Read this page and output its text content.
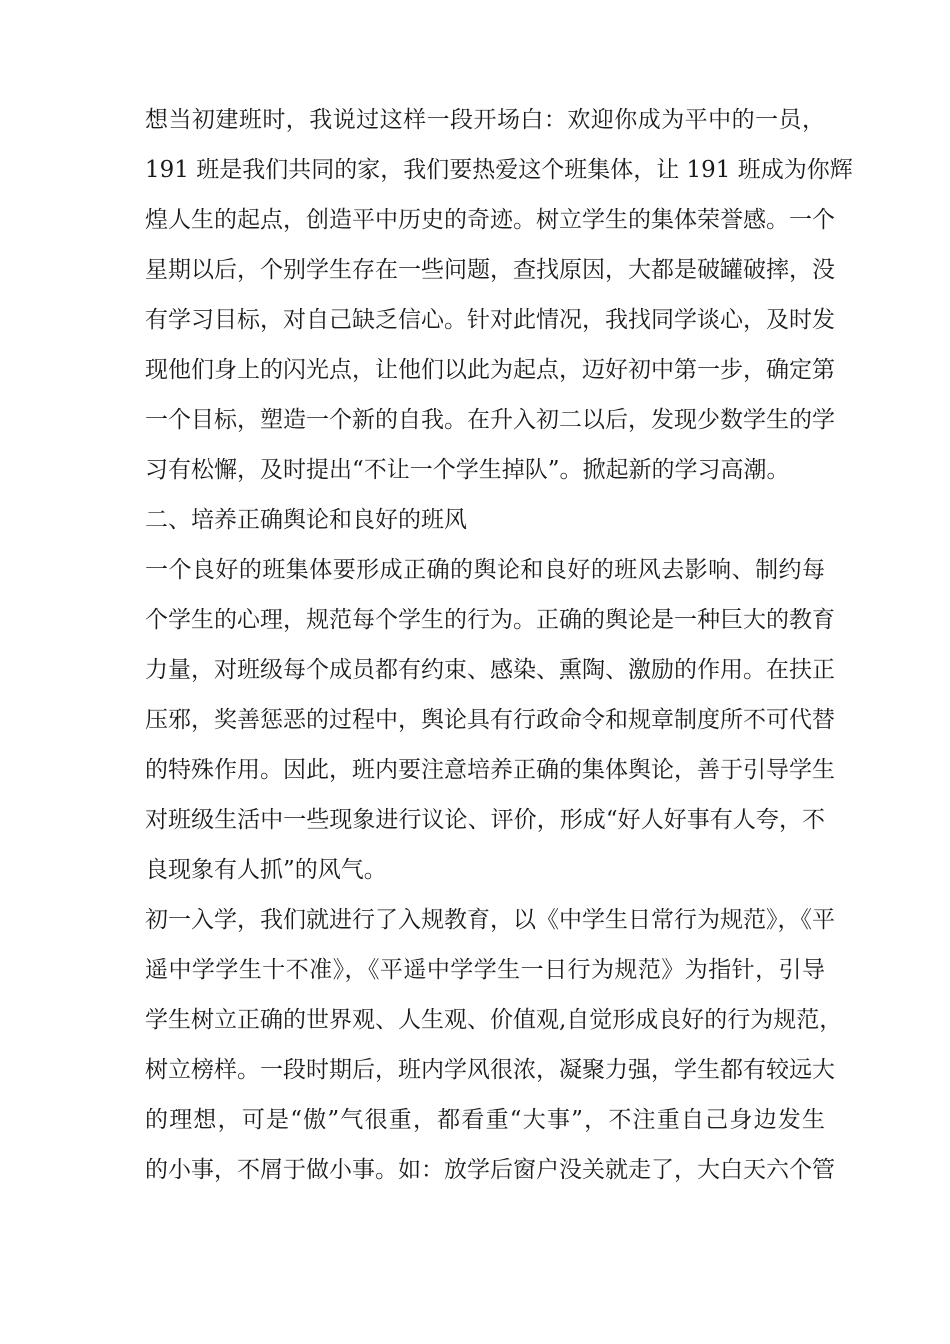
想当初建班时，我说过这样一段开场白：欢迎你成为平中的一员，
191 班是我们共同的家，我们要热爱这个班集体，让 191 班成为你辉
煌人生的起点，创造平中历史的奇迹。树立学生的集体荣誉感。一个
星期以后，个别学生存在一些问题，查找原因，大都是破罐破摔，没
有学习目标，对自己缺乏信心。针对此情况，我找同学谈心，及时发
现他们身上的闪光点，让他们以此为起点，迈好初中第一步，确定第
一个目标，塑造一个新的自我。在升入初二以后，发现少数学生的学
习有松懈，及时提出“不让一个学生掉队”。掀起新的学习高潮。
二、培养正确舆论和良好的班风
一个良好的班集体要形成正确的舆论和良好的班风去影响、制约每
个学生的心理，规范每个学生的行为。正确的舆论是一种巨大的教育
力量，对班级每个成员都有约束、感染、熏陶、激励的作用。在扶正
压邪，奖善惩恶的过程中，舆论具有行政命令和规章制度所不可代替
的特殊作用。因此，班内要注意培养正确的集体舆论，善于引导学生
对班级生活中一些现象进行议论、评价，形成“好人好事有人夸，不
良现象有人抓”的风气。
初一入学，我们就进行了入规教育，以《中学生日常行为规范》，《平
遥中学学生十不准》，《平遥中学学生一日行为规范》为指针，引导
学生树立正确的世界观、人生观、价值观,自觉形成良好的行为规范，
树立榜样。一段时期后，班内学风很浓，凝聚力强，学生都有较远大
的理想，可是“傲”气很重，都看重“大事”，不注重自己身边发生
的小事，不屑于做小事。如：放学后窗户没关就走了，大白天六个管
